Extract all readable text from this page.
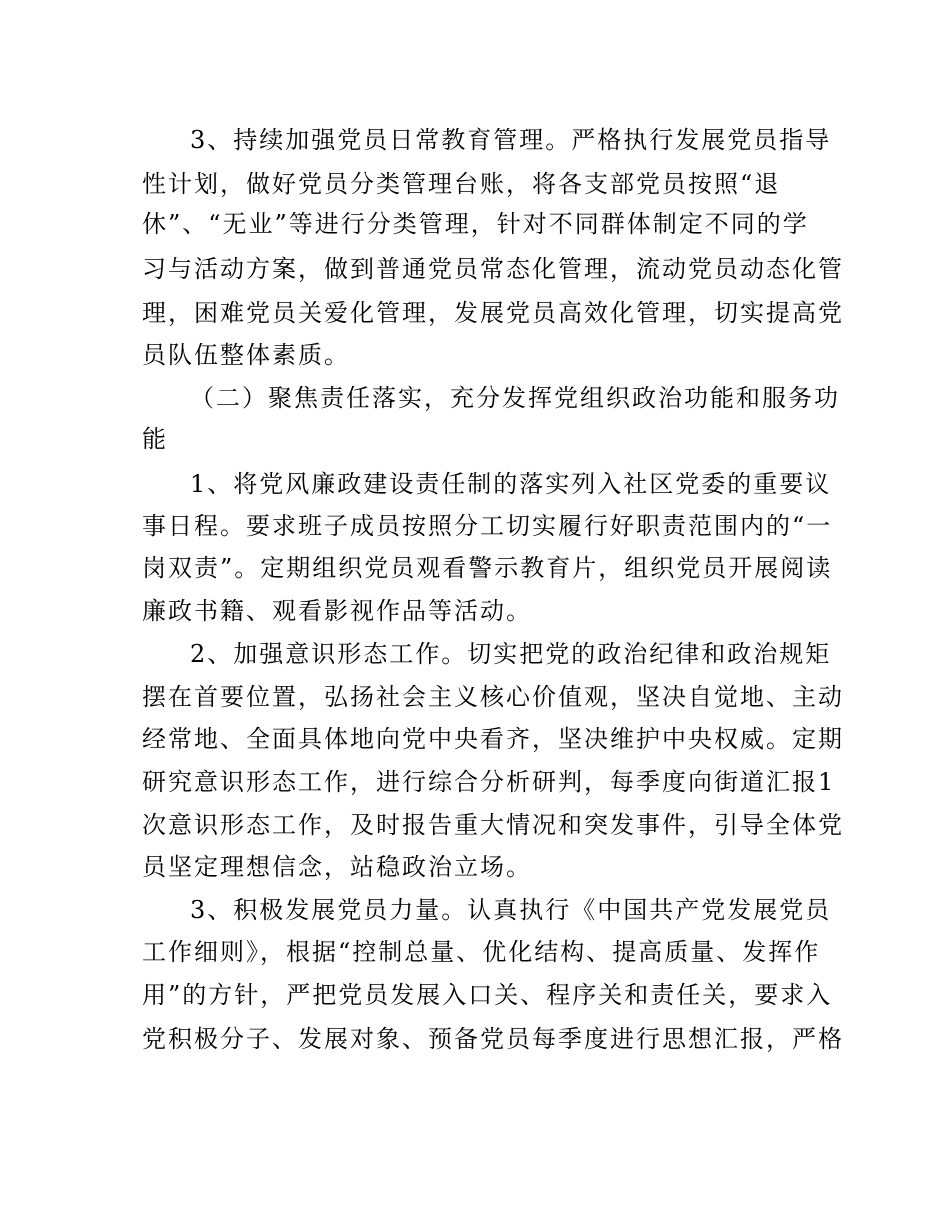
3、持续加强党员日常教育管理。严格执行发展党员指导

性计划，做好党员分类管理台账，将各支部党员按照“退

休”、“无业”等进行分类管理，针对不同群体制定不同的学

习与活动方案，做到普通党员常态化管理，流动党员动态化管

理，困难党员关爱化管理，发展党员高效化管理，切实提高党

员队伍整体素质。

（二）聚焦责任落实，充分发挥党组织政治功能和服务功

能

1、将党风廉政建设责任制的落实列入社区党委的重要议

事日程。要求班子成员按照分工切实履行好职责范围内的“一

岗双责”。定期组织党员观看警示教育片，组织党员开展阅读

廉政书籍、观看影视作品等活动。

2、加强意识形态工作。切实把党的政治纪律和政治规矩

摆在首要位置，弘扬社会主义核心价值观，坚决自觉地、主动

经常地、全面具体地向党中央看齐，坚决维护中央权威。定期

研究意识形态工作，进行综合分析研判，每季度向街道汇报1

次意识形态工作，及时报告重大情况和突发事件，引导全体党

员坚定理想信念，站稳政治立场。

3、积极发展党员力量。认真执行《中国共产党发展党员

工作细则》，根据“控制总量、优化结构、提高质量、发挥作

用”的方针，严把党员发展入口关、程序关和责任关，要求入

党积极分子、发展对象、预备党员每季度进行思想汇报，严格
